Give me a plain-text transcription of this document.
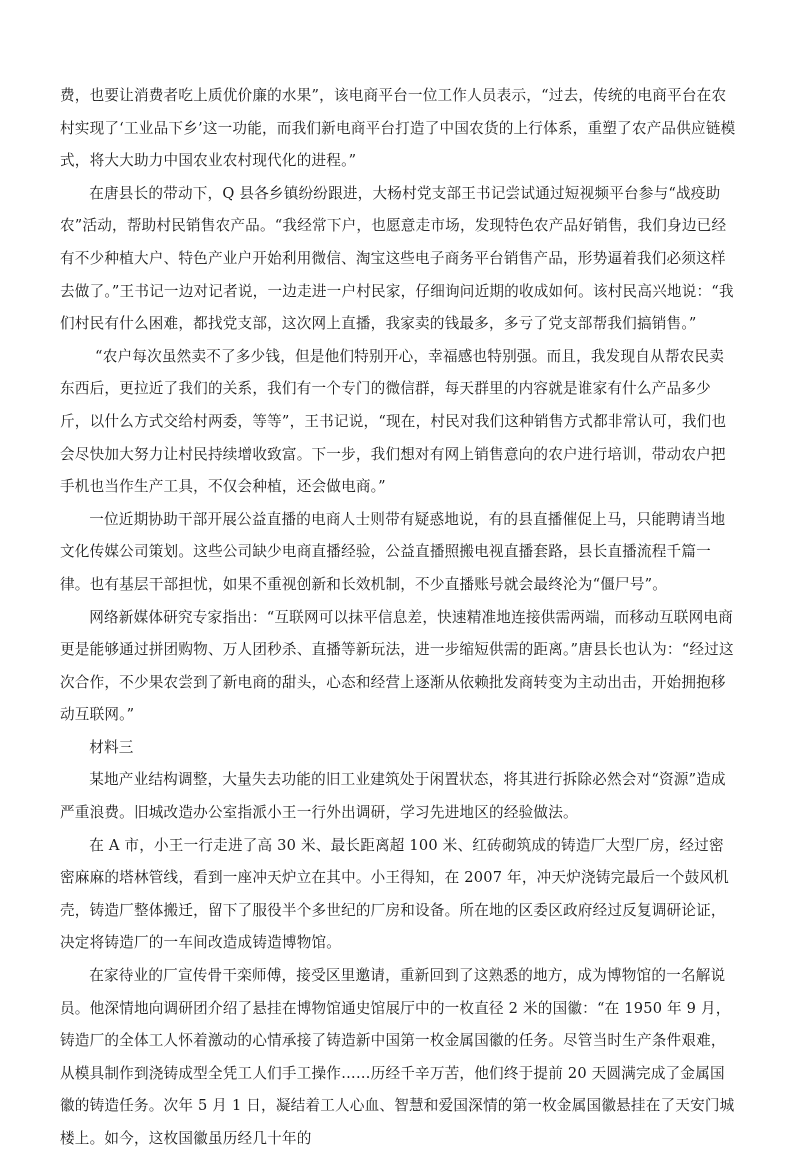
费，也要让消费者吃上质优价廉的水果”，该电商平台一位工作人员表示，“过去，传统的电商平台在农村实现了‘工业品下乡’这一功能，而我们新电商平台打造了中国农货的上行体系，重塑了农产品供应链模式，将大大助力中国农业农村现代化的进程。”

在唐县长的带动下，Q 县各乡镇纷纷跟进，大杨村党支部王书记尝试通过短视频平台参与“战疫助农”活动，帮助村民销售农产品。“我经常下户，也愿意走市场，发现特色农产品好销售，我们身边已经有不少种植大户、特色产业户开始利用微信、淘宝这些电子商务平台销售产品，形势逼着我们必须这样去做了。”王书记一边对记者说，一边走进一户村民家，仔细询问近期的收成如何。该村民高兴地说：“我们村民有什么困难，都找党支部，这次网上直播，我家卖的钱最多，多亏了党支部帮我们搞销售。”

“农户每次虽然卖不了多少钱，但是他们特别开心，幸福感也特别强。而且，我发现自从帮农民卖东西后，更拉近了我们的关系，我们有一个专门的微信群，每天群里的内容就是谁家有什么产品多少斤，以什么方式交给村两委，等等”，王书记说，“现在，村民对我们这种销售方式都非常认可，我们也会尽快加大努力让村民持续增收致富。下一步，我们想对有网上销售意向的农户进行培训，带动农户把手机也当作生产工具，不仅会种植，还会做电商。”

一位近期协助干部开展公益直播的电商人士则带有疑惑地说，有的县直播催促上马，只能聘请当地文化传媒公司策划。这些公司缺少电商直播经验，公益直播照搬电视直播套路，县长直播流程千篇一律。也有基层干部担忧，如果不重视创新和长效机制，不少直播账号就会最终沦为“僵尸号”。

网络新媒体研究专家指出：“互联网可以抹平信息差，快速精准地连接供需两端，而移动互联网电商更是能够通过拼团购物、万人团秒杀、直播等新玩法，进一步缩短供需的距离。”唐县长也认为：“经过这次合作，不少果农尝到了新电商的甜头，心态和经营上逐渐从依赖批发商转变为主动出击，开始拥抱移动互联网。”

材料三

某地产业结构调整，大量失去功能的旧工业建筑处于闲置状态，将其进行拆除必然会对“资源”造成严重浪费。旧城改造办公室指派小王一行外出调研，学习先进地区的经验做法。

在 A 市，小王一行走进了高 30 米、最长距离超 100 米、红砖砌筑成的铸造厂大型厂房，经过密密麻麻的塔林管线，看到一座冲天炉立在其中。小王得知，在 2007 年，冲天炉浇铸完最后一个鼓风机壳，铸造厂整体搬迁，留下了服役半个多世纪的厂房和设备。所在地的区委区政府经过反复调研论证，决定将铸造厂的一车间改造成铸造博物馆。

在家待业的厂宣传骨干栾师傅，接受区里邀请，重新回到了这熟悉的地方，成为博物馆的一名解说员。他深情地向调研团介绍了悬挂在博物馆通史馆展厅中的一枚直径 2 米的国徽：“在 1950 年 9 月，铸造厂的全体工人怀着激动的心情承接了铸造新中国第一枚金属国徽的任务。尽管当时生产条件艰难，从模具制作到浇铸成型全凭工人们手工操作……历经千辛万苦，他们终于提前 20 天圆满完成了金属国徽的铸造任务。次年 5 月 1 日，凝结着工人心血、智慧和爱国深情的第一枚金属国徽悬挂在了天安门城楼上。如今，这枚国徽虽历经几十年的
